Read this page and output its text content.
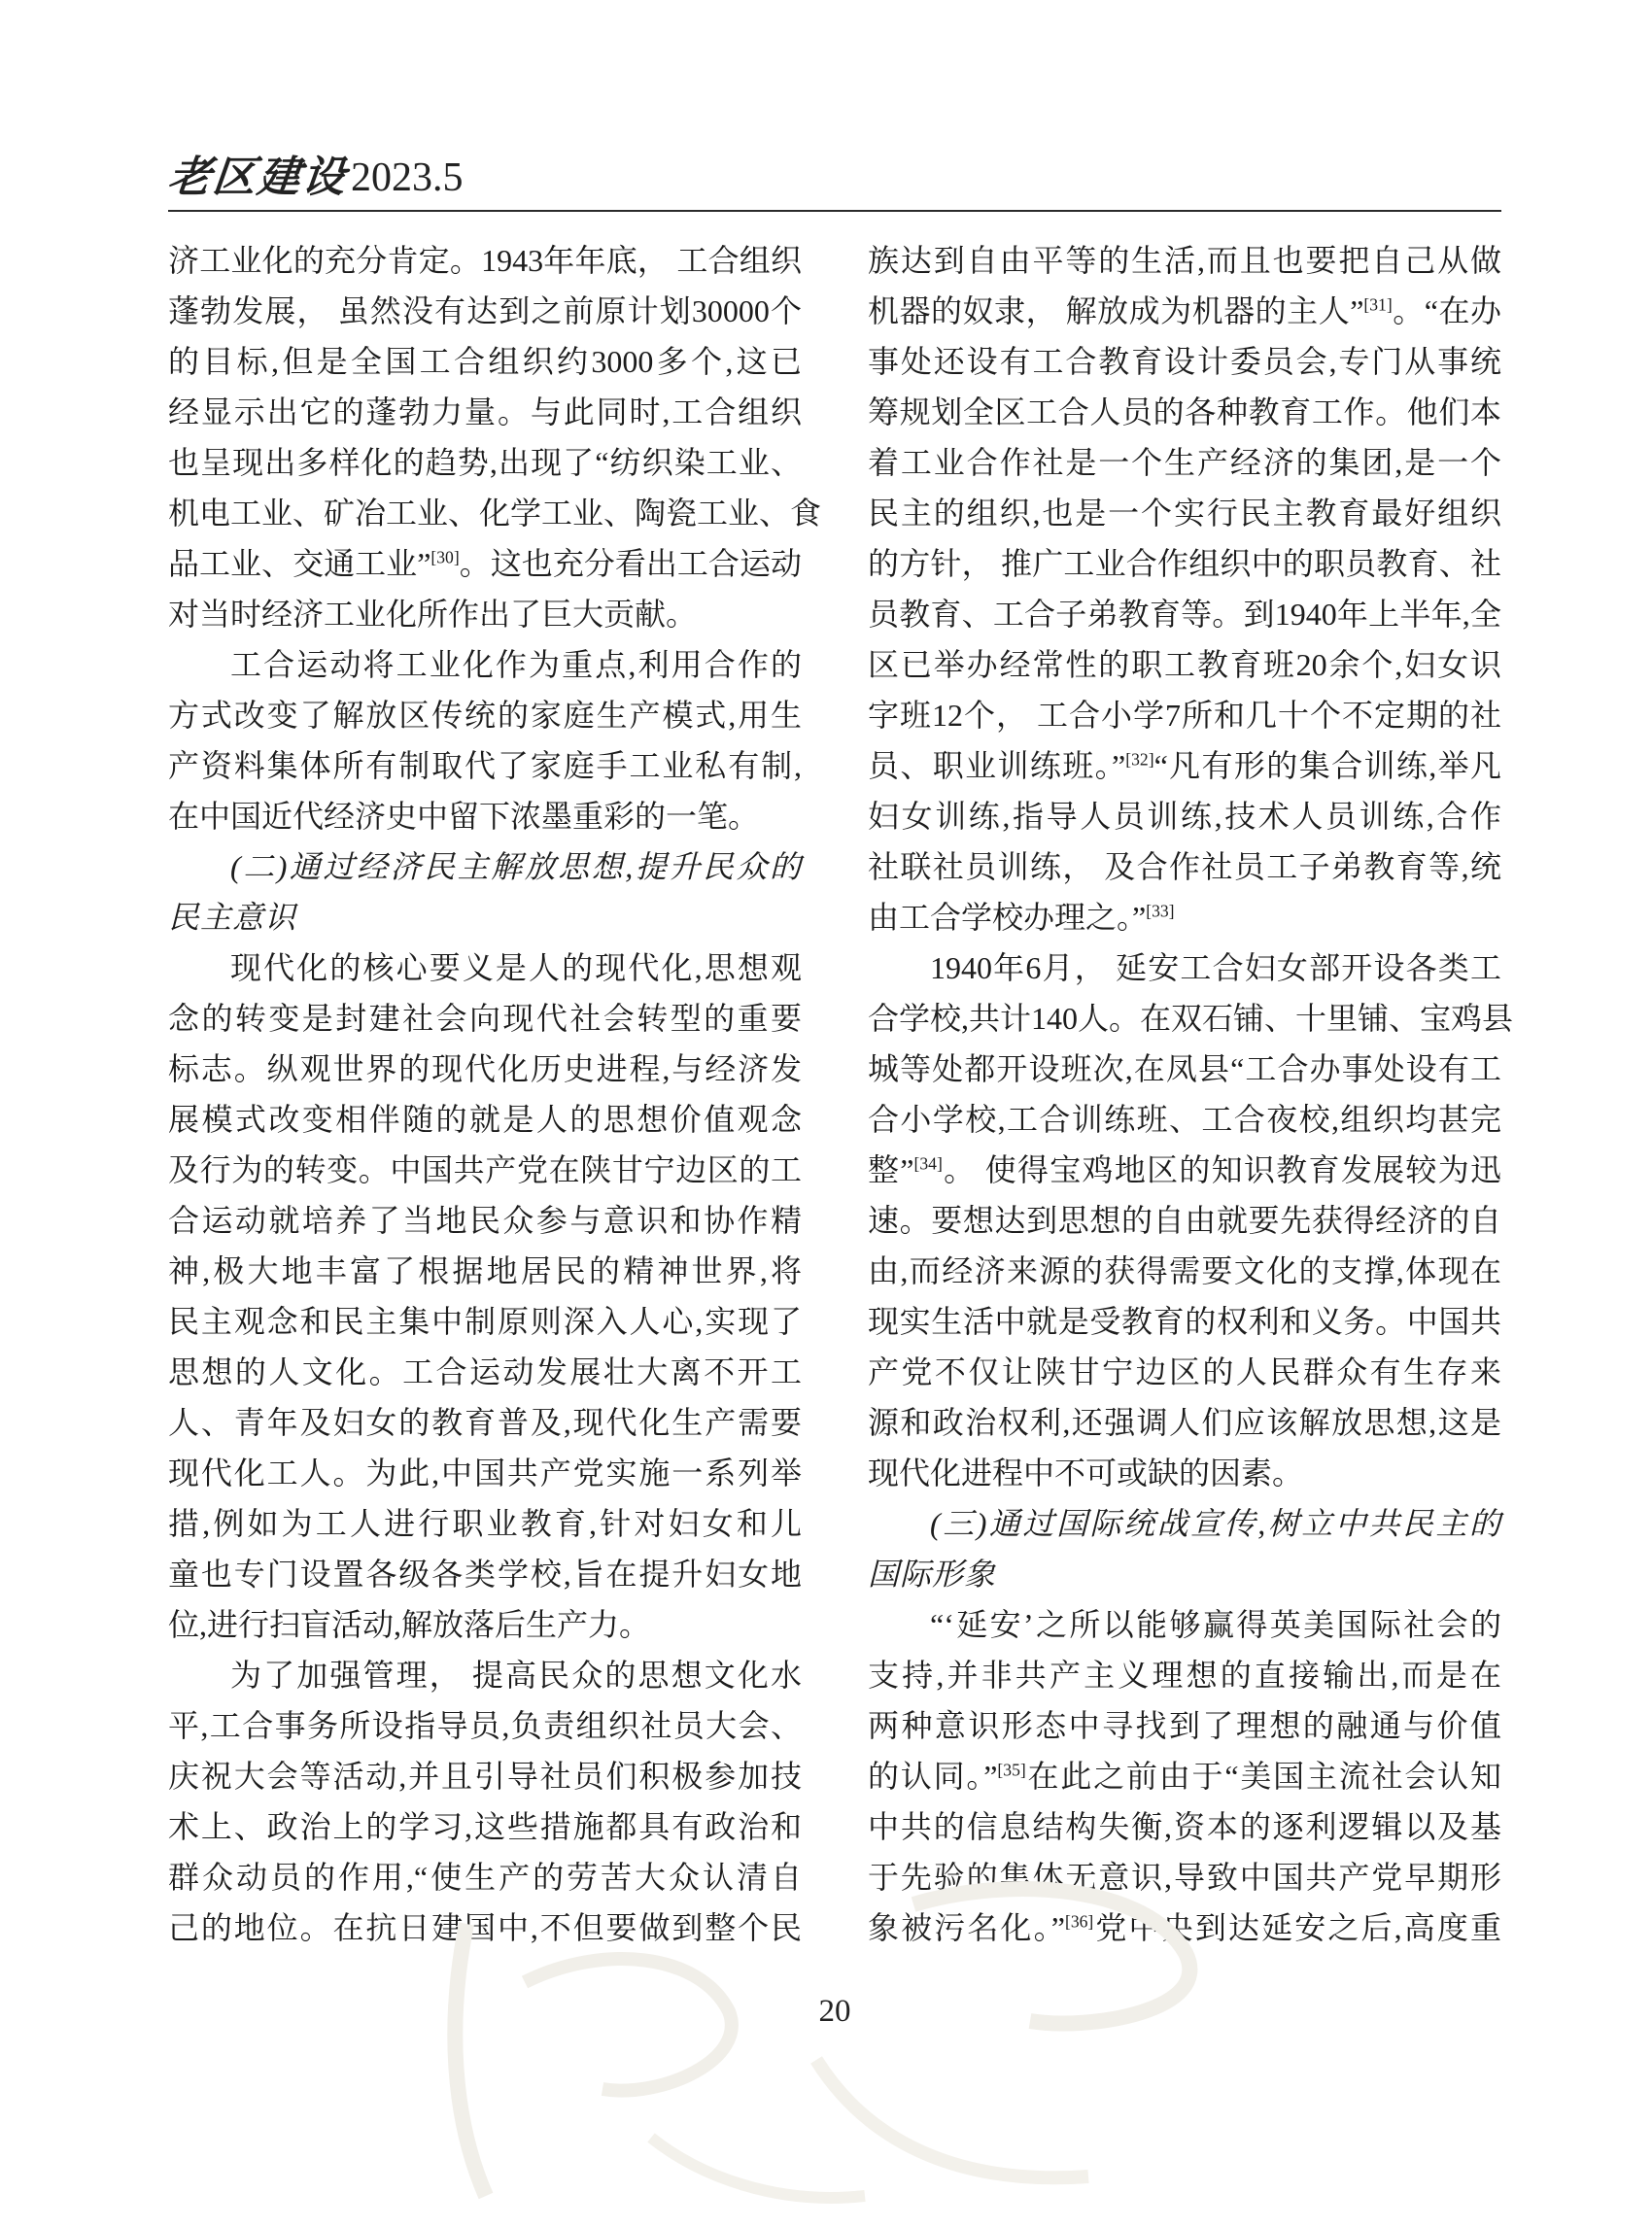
老区建设 2023.5
济工业化的充分肯定。1943年年底， 工合组织
蓬勃发展， 虽然没有达到之前原计划30000个
的目标,但是全国工合组织约3000多个,这已
经显示出它的蓬勃力量。与此同时,工合组织
也呈现出多样化的趋势,出现了“纺织染工业、
机电工业、矿冶工业、化学工业、陶瓷工业、食
品工业、交通工业”[30]。这也充分看出工合运动
对当时经济工业化所作出了巨大贡献。
工合运动将工业化作为重点,利用合作的
方式改变了解放区传统的家庭生产模式,用生
产资料集体所有制取代了家庭手工业私有制,
在中国近代经济史中留下浓墨重彩的一笔。
(二)通过经济民主解放思想,提升民众的
民主意识
现代化的核心要义是人的现代化,思想观
念的转变是封建社会向现代社会转型的重要
标志。纵观世界的现代化历史进程,与经济发
展模式改变相伴随的就是人的思想价值观念
及行为的转变。中国共产党在陕甘宁边区的工
合运动就培养了当地民众参与意识和协作精
神,极大地丰富了根据地居民的精神世界,将
民主观念和民主集中制原则深入人心,实现了
思想的人文化。工合运动发展壮大离不开工
人、青年及妇女的教育普及,现代化生产需要
现代化工人。为此,中国共产党实施一系列举
措,例如为工人进行职业教育,针对妇女和儿
童也专门设置各级各类学校,旨在提升妇女地
位,进行扫盲活动,解放落后生产力。
为了加强管理， 提高民众的思想文化水
平,工合事务所设指导员,负责组织社员大会、
庆祝大会等活动,并且引导社员们积极参加技
术上、政治上的学习,这些措施都具有政治和
群众动员的作用,“使生产的劳苦大众认清自
己的地位。在抗日建国中,不但要做到整个民
族达到自由平等的生活,而且也要把自己从做
机器的奴隶， 解放成为机器的主人”[31]。“在办
事处还设有工合教育设计委员会,专门从事统
筹规划全区工合人员的各种教育工作。他们本
着工业合作社是一个生产经济的集团,是一个
民主的组织,也是一个实行民主教育最好组织
的方针， 推广工业合作组织中的职员教育、社
员教育、工合子弟教育等。到1940年上半年,全
区已举办经常性的职工教育班20余个,妇女识
字班12个， 工合小学7所和几十个不定期的社
员、职业训练班。”[32]“凡有形的集合训练,举凡
妇女训练,指导人员训练,技术人员训练,合作
社联社员训练， 及合作社员工子弟教育等,统
由工合学校办理之。”[33]
1940年6月， 延安工合妇女部开设各类工
合学校,共计140人。在双石铺、十里铺、宝鸡县
城等处都开设班次,在凤县“工合办事处设有工
合小学校,工合训练班、工合夜校,组织均甚完
整”[34]。 使得宝鸡地区的知识教育发展较为迅
速。要想达到思想的自由就要先获得经济的自
由,而经济来源的获得需要文化的支撑,体现在
现实生活中就是受教育的权利和义务。中国共
产党不仅让陕甘宁边区的人民群众有生存来
源和政治权利,还强调人们应该解放思想,这是
现代化进程中不可或缺的因素。
(三)通过国际统战宣传,树立中共民主的
国际形象
“‘延安’之所以能够赢得英美国际社会的
支持,并非共产主义理想的直接输出,而是在
两种意识形态中寻找到了理想的融通与价值
的认同。”[35]在此之前由于“美国主流社会认知
中共的信息结构失衡,资本的逐利逻辑以及基
于先验的集体无意识,导致中国共产党早期形
象被污名化。”[36]党中央到达延安之后,高度重
20
